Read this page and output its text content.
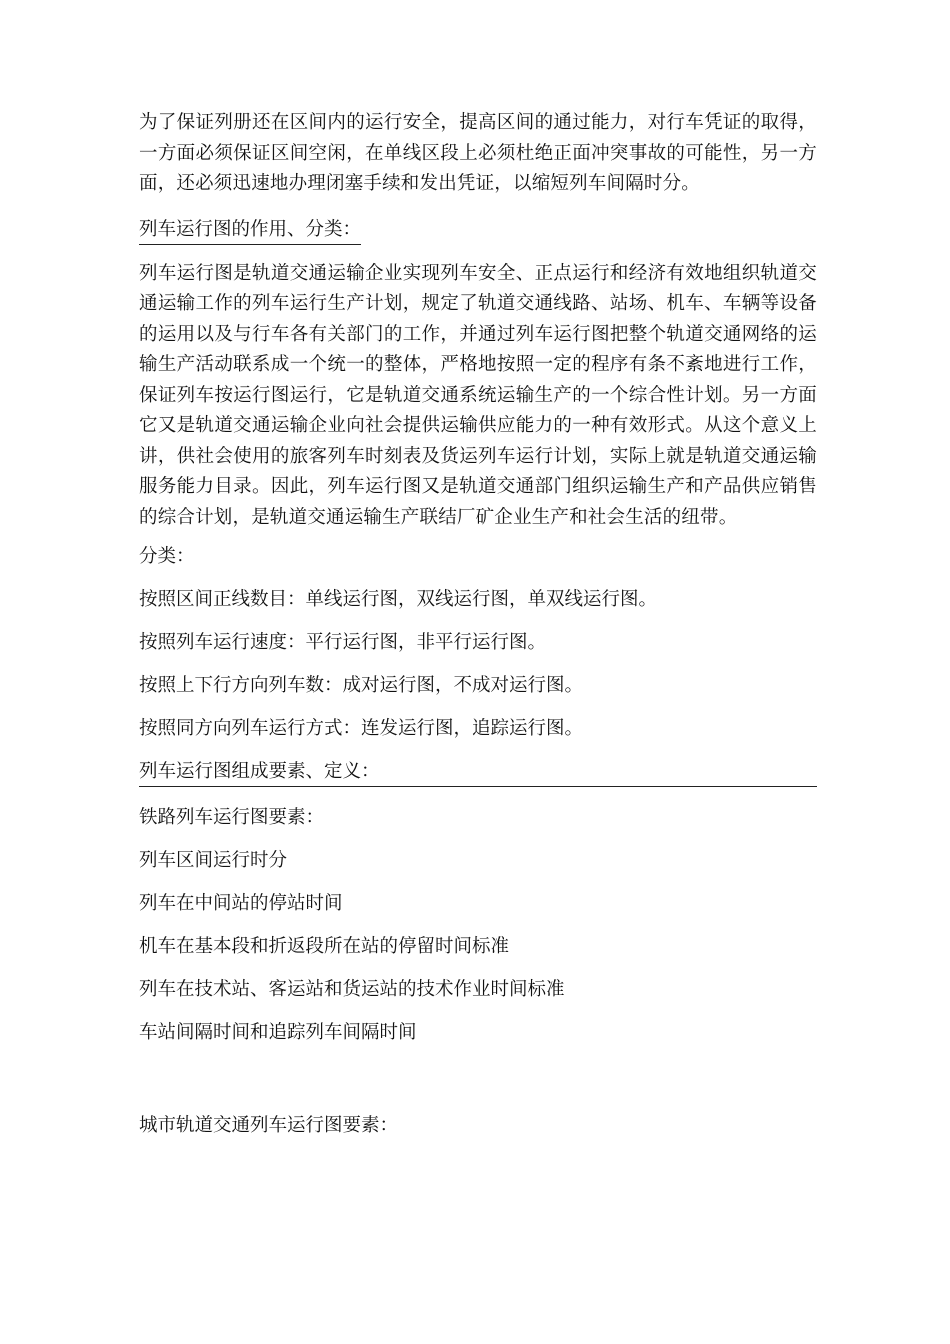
为了保证列册还在区间内的运行安全，提高区间的通过能力，对行车凭证的取得，一方面必须保证区间空闲，在单线区段上必须杜绝正面冲突事故的可能性，另一方面，还必须迅速地办理闭塞手续和发出凭证，以缩短列车间隔时分。

列车运行图的作用、分类：

列车运行图是轨道交通运输企业实现列车安全、正点运行和经济有效地组织轨道交通运输工作的列车运行生产计划，规定了轨道交通线路、站场、机车、车辆等设备的运用以及与行车各有关部门的工作，并通过列车运行图把整个轨道交通网络的运输生产活动联系成一个统一的整体，严格地按照一定的程序有条不紊地进行工作，保证列车按运行图运行，它是轨道交通系统运输生产的一个综合性计划。另一方面它又是轨道交通运输企业向社会提供运输供应能力的一种有效形式。从这个意义上讲，供社会使用的旅客列车时刻表及货运列车运行计划，实际上就是轨道交通运输服务能力目录。因此，列车运行图又是轨道交通部门组织运输生产和产品供应销售的综合计划，是轨道交通运输生产联结厂矿企业生产和社会生活的纽带。

分类：
按照区间正线数目：单线运行图，双线运行图，单双线运行图。
按照列车运行速度：平行运行图，非平行运行图。
按照上下行方向列车数：成对运行图，不成对运行图。
按照同方向列车运行方式：连发运行图，追踪运行图。
列车运行图组成要素、定义：
铁路列车运行图要素：
列车区间运行时分
列车在中间站的停站时间
机车在基本段和折返段所在站的停留时间标准
列车在技术站、客运站和货运站的技术作业时间标准
车站间隔时间和追踪列车间隔时间
城市轨道交通列车运行图要素：
